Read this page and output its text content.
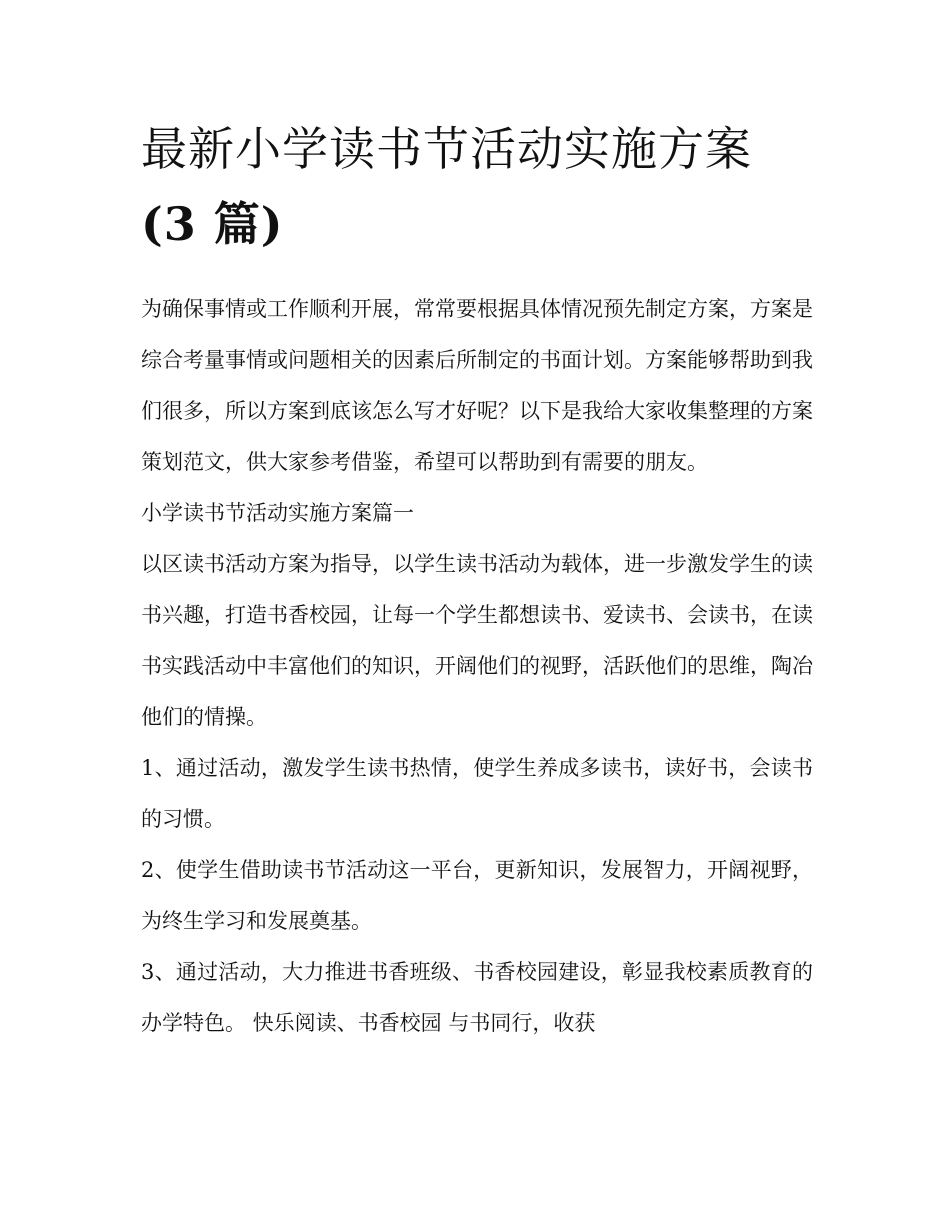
最新小学读书节活动实施方案
(3 篇)

为确保事情或工作顺利开展，常常要根据具体情况预先制定方案，方案是综合考量事情或问题相关的因素后所制定的书面计划。方案能够帮助到我们很多，所以方案到底该怎么写才好呢？以下是我给大家收集整理的方案策划范文，供大家参考借鉴，希望可以帮助到有需要的朋友。

小学读书节活动实施方案篇一

以区读书活动方案为指导，以学生读书活动为载体，进一步激发学生的读书兴趣，打造书香校园，让每一个学生都想读书、爱读书、会读书，在读书实践活动中丰富他们的知识，开阔他们的视野，活跃他们的思维，陶冶他们的情操。

1、通过活动，激发学生读书热情，使学生养成多读书，读好书，会读书的习惯。

2、使学生借助读书节活动这一平台，更新知识，发展智力，开阔视野，为终生学习和发展奠基。

3、通过活动，大力推进书香班级、书香校园建设，彰显我校素质教育的办学特色。 快乐阅读、书香校园 与书同行，收获
